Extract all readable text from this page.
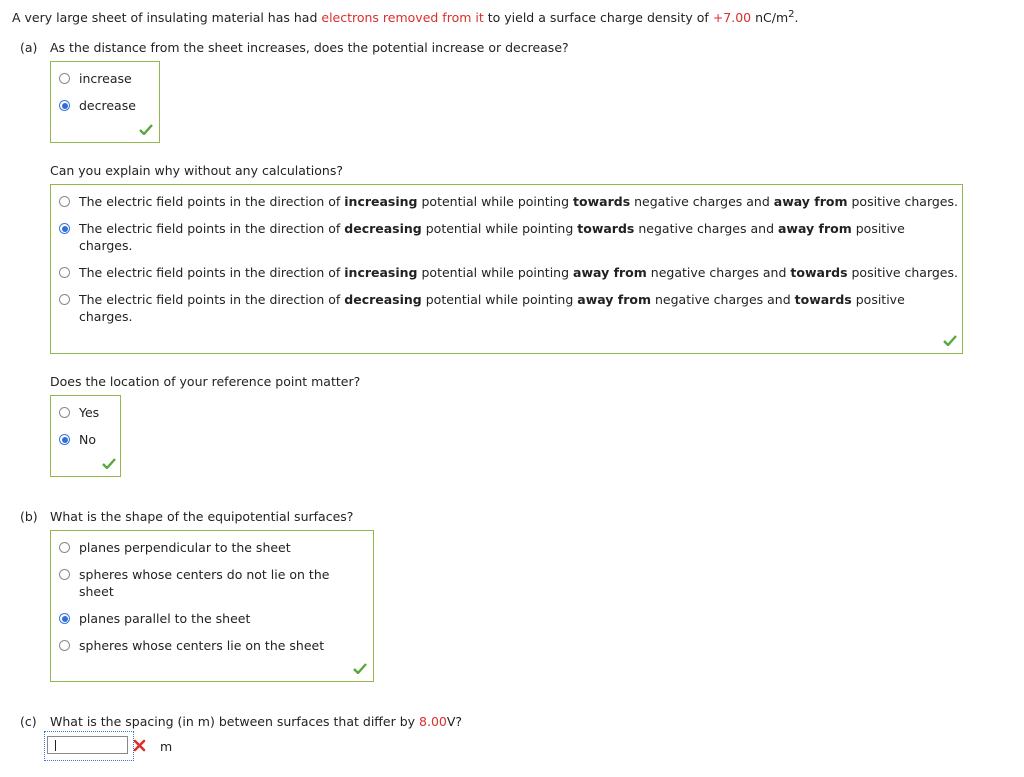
A very large sheet of insulating material has had electrons removed from it to yield a surface charge density of +7.00 $nC/m^2$.
(a) As the distance from the sheet increases, does the potential increase or decrease?
increase
decrease
Can you explain why without any calculations?
The electric field points in the direction of increasing potential while pointing towards negative charges and away from positive charges.
The electric field points in the direction of decreasing potential while pointing towards negative charges and away from positive
charges.
The electric field points in the direction of increasing potential while pointing away from negative charges and towards positive charges.
The electric field points in the direction of decreasing potential while pointing away from negative charges and towards positive
charges.
Does the location of your reference point matter?
Yes
No
(b) What is the shape of the equipotential surfaces?
planes perpendicular to the sheet
spheres whose centers do not lie on the
sheet
planes parallel to the sheet
spheres whose centers lie on the sheet
(c) What is the spacing (in m) between surfaces that differ by 8.00V?
m
